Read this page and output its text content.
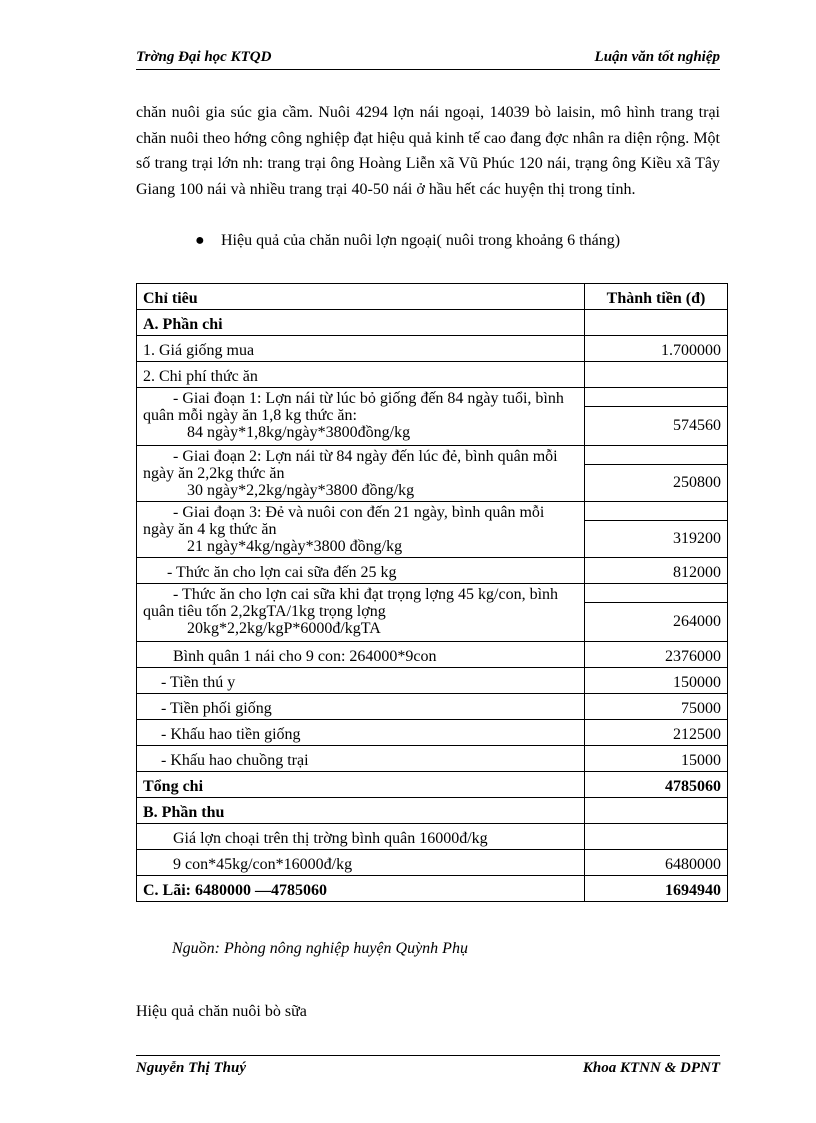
Trờng Đại học KTQD	Luận văn tốt nghiệp
chăn nuôi gia súc gia cầm. Nuôi 4294 lợn nái ngoại, 14039 bò laisin, mô hình trang trại chăn nuôi theo hớng công nghiệp đạt hiệu quả kinh tế cao đang đợc nhân ra diện rộng. Một số trang trại lớn nh: trang trại ông Hoàng Liễn xã Vũ Phúc 120 nái, trạng ông Kiều xã Tây Giang 100 nái và nhiều trang trại 40-50 nái ở hầu hết các huyện thị trong tỉnh.
● Hiệu quả của chăn nuôi lợn ngoại( nuôi trong khoảng 6 tháng)
Chỉ tiêu	Thành tiền (đ)
A. Phần chi	
1. Giá giống mua	1.700000
2. Chi phí thức ăn	

- Giai đoạn 1: Lợn nái từ lúc bỏ giống đến 84 ngày tuổi, bình quân mỗi ngày ăn 1,8 kg thức ăn:
84 ngày*1,8kg/ngày*3800đồng/kg	

	574560

- Giai đoạn 2: Lợn nái từ 84 ngày đến lúc đẻ, bình quân mỗi ngày ăn 2,2kg thức ăn
30 ngày*2,2kg/ngày*3800 đồng/kg	

	250800

- Giai đoạn 3: Đẻ và nuôi con đến 21 ngày, bình quân mỗi ngày ăn 4 kg thức ăn
21 ngày*4kg/ngày*3800 đồng/kg	

	319200
- Thức ăn cho lợn cai sữa đến 25 kg	812000

- Thức ăn cho lợn cai sữa khi đạt trọng lợng 45 kg/con, bình quân tiêu tốn 2,2kgTA/1kg trọng lợng
20kg*2,2kg/kgP*6000đ/kgTA	

	264000
Bình quân 1 nái cho 9 con: 264000*9con	2376000
- Tiền thú y	150000
- Tiền phối giống	75000
- Khấu hao tiền giống	212500
- Khấu hao chuồng trại	15000
Tổng chi	4785060
B. Phần thu	
Giá lợn choại trên thị trờng bình quân 16000đ/kg	
9 con*45kg/con*16000đ/kg	6480000
C. Lãi: 6480000 —4785060	1694940
Nguồn: Phòng nông nghiệp huyện Quỳnh Phụ
Hiệu quả chăn nuôi bò sữa
Nguyễn Thị Thuý	Khoa KTNN & DPNT
